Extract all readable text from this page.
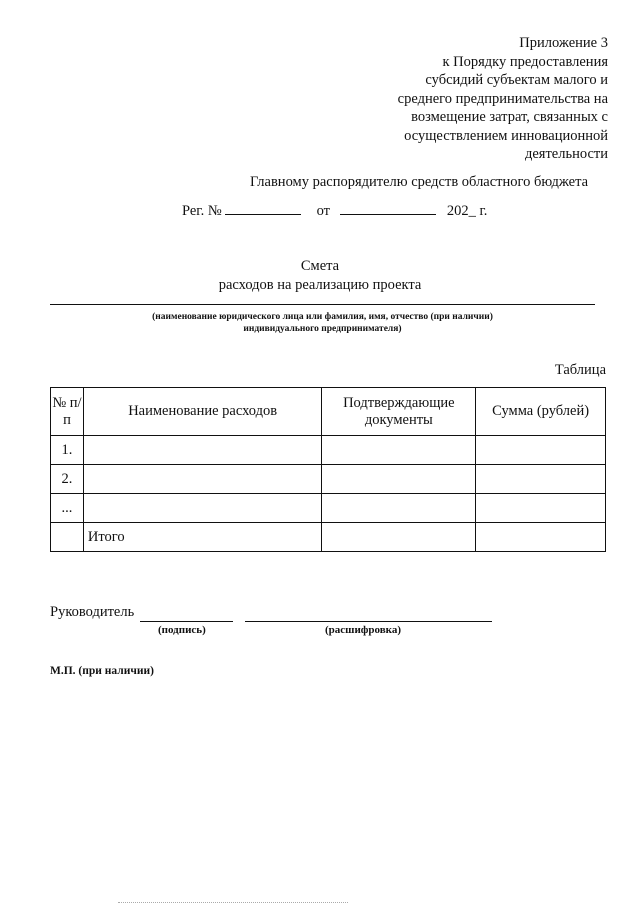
Приложение 3
к Порядку предоставления
субсидий субъектам малого и
среднего предпринимательства на
возмещение затрат, связанных с
осуществлением инновационной
деятельности
Главному распорядителю средств областного бюджета
Рег. №	от	202_ г.
Смета
расходов на реализацию проекта
(наименование юридического лица или фамилия, имя, отчество (при наличии)
индивидуального предпринимателя)
Таблица
№ п/п	Наименование расходов	Подтверждающие документы	Сумма (рублей)
1.			
2.			
...			
	Итого		
Руководитель
(подпись)	(расшифровка)
М.П. (при наличии)
